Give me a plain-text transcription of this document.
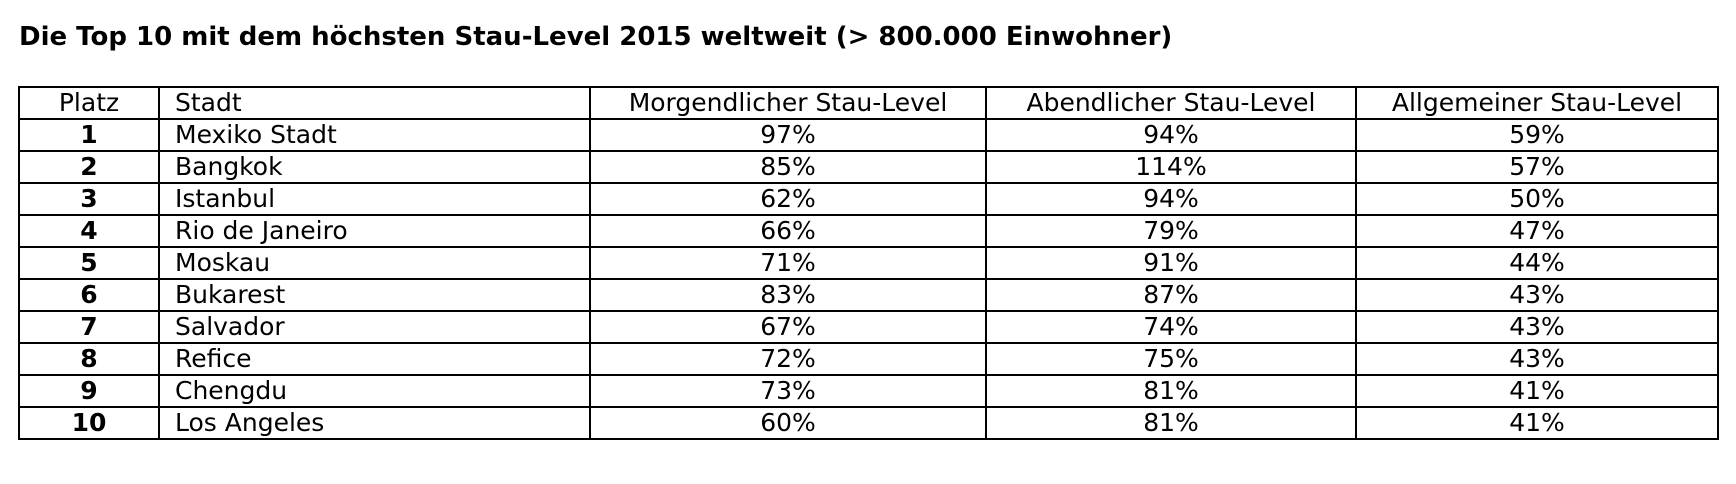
Die Top 10 mit dem höchsten Stau-Level 2015 weltweit (> 800.000 Einwohner)
Platz	Stadt	Morgendlicher Stau-Level	Abendlicher Stau-Level	Allgemeiner Stau-Level
1	Mexiko Stadt	97%	94%	59%
2	Bangkok	85%	114%	57%
3	Istanbul	62%	94%	50%
4	Rio de Janeiro	66%	79%	47%
5	Moskau	71%	91%	44%
6	Bukarest	83%	87%	43%
7	Salvador	67%	74%	43%
8	Refice	72%	75%	43%
9	Chengdu	73%	81%	41%
10	Los Angeles	60%	81%	41%
